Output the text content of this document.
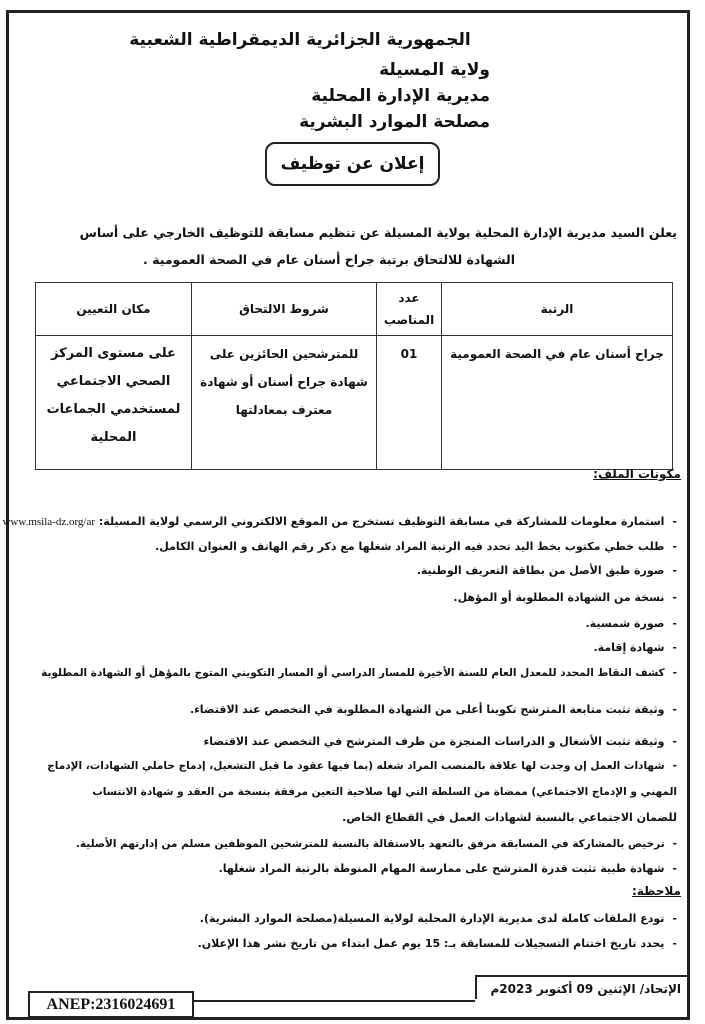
الجمهورية الجزائرية الديمقراطية الشعبية
ولاية المسيلة
مديرية الإدارة المحلية
مصلحة الموارد البشرية
إعلان عن توظيف
يعلن السيد مديرية الإدارة المحلية بولاية المسيلة عن تنظيم مسابقة للتوظيف الخارجي على أساس
الشهادة للالتحاق برتبة جراح أسنان عام في الصحة العمومية .
الرتبة	عدد المناصب	شروط الالتحاق	مكان التعيين
جراح أسنان عام في الصحة العمومية	01	للمترشحين الحائزين على شهادة جراح أسنان أو شهادة معترف بمعادلتها	على مستوى المركز الصحي الاجتماعي لمستخدمي الجماعات المحلية
مكونات الملف:
-استمارة معلومات للمشاركة في مسابقة التوظيف تستخرج من الموقع الالكتروني الرسمي لولاية المسيلة: www.msila-dz.org/ar
-طلب خطي مكتوب بخط اليد تحدد فيه الرتبة المراد شغلها مع ذكر رقم الهاتف و العنوان الكامل.
-صورة طبق الأصل من بطاقة التعريف الوطنية.
-نسخة من الشهادة المطلوبة أو المؤهل.
-صورة شمسية.
-شهادة إقامة.
-كشف النقاط المحدد للمعدل العام للسنة الأخيرة للمسار الدراسي أو المسار التكويني المتوج بالمؤهل أو الشهادة المطلوبة
-وثيقة تثبت متابعة المترشح تكوينا أعلى من الشهادة المطلوبة في التخصص عند الاقتضاء.
-وثيقة تثبت الأشغال و الدراسات المنجزة من طرف المترشح في التخصص عند الاقتضاء
-شهادات العمل إن وجدت لها علاقة بالمنصب المراد شغله (بما فيها عقود ما قبل التشغيل، إدماج حاملي الشهادات، الإدماج
المهني و الإدماج الاجتماعي) ممضاة من السلطة التي لها صلاحية التعين مرفقة بنسخة من العقد و شهادة الانتساب
للضمان الاجتماعي بالنسبة لشهادات العمل في القطاع الخاص.
-ترخيص بالمشاركة في المسابقة مرفق بالتعهد بالاستقالة بالنسبة للمترشحين الموظفين مسلم من إدارتهم الأصلية.
-شهادة طبية تثبت قدرة المترشح على ممارسة المهام المنوطة بالرتبة المراد شغلها.
ملاحظة:
-تودع الملفات كاملة لدى مديرية الإدارة المحلية لولاية المسيلة(مصلحة الموارد البشرية).
-يحدد تاريخ اختتام التسجيلات للمسابقة بـ: 15 يوم عمل ابتداء من تاريخ نشر هذا الإعلان.
الإتحاد/ الإثنين 09 أكتوبر 2023م
ANEP:2316024691
